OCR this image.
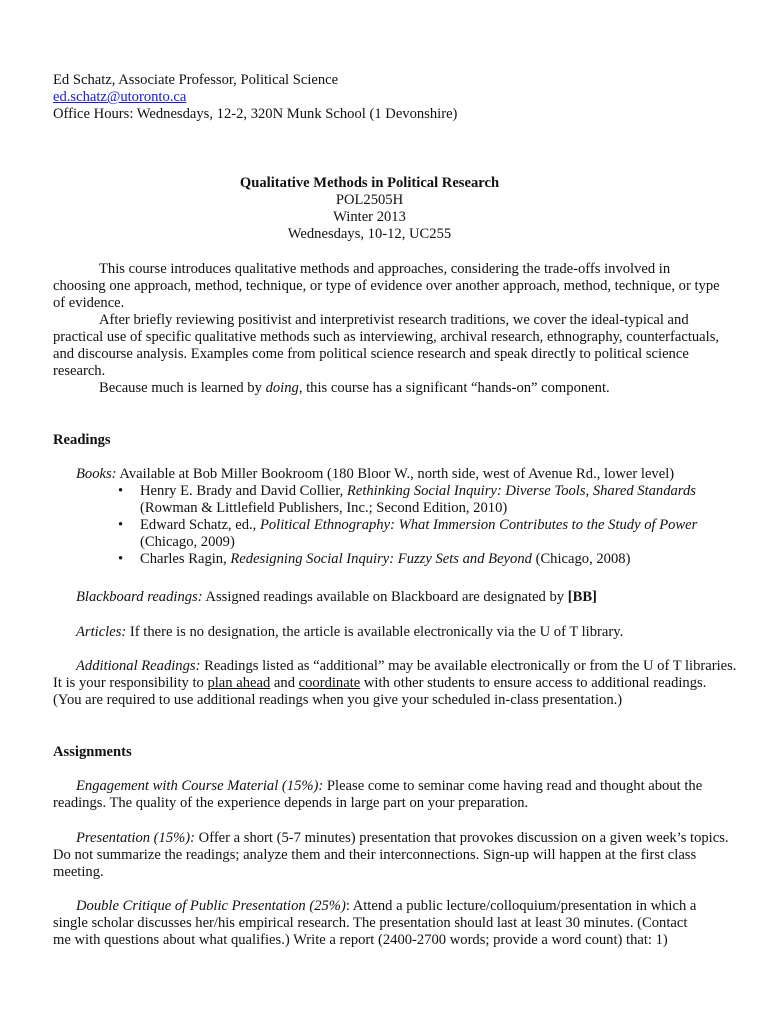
Ed Schatz, Associate Professor, Political Science
ed.schatz@utoronto.ca
Office Hours: Wednesdays, 12-2, 320N Munk School (1 Devonshire)
Qualitative Methods in Political Research
POL2505H
Winter 2013
Wednesdays, 10-12, UC255
This course introduces qualitative methods and approaches, considering the trade-offs involved in
choosing one approach, method, technique, or type of evidence over another approach, method, technique, or type
of evidence.
After briefly reviewing positivist and interpretivist research traditions, we cover the ideal-typical and
practical use of specific qualitative methods such as interviewing, archival research, ethnography, counterfactuals,
and discourse analysis. Examples come from political science research and speak directly to political science
research.
Because much is learned by doing, this course has a significant “hands-on” component.
Readings
Books: Available at Bob Miller Bookroom (180 Bloor W., north side, west of Avenue Rd., lower level)
• Henry E. Brady and David Collier, Rethinking Social Inquiry: Diverse Tools, Shared Standards
(Rowman & Littlefield Publishers, Inc.; Second Edition, 2010)
• Edward Schatz, ed., Political Ethnography: What Immersion Contributes to the Study of Power
(Chicago, 2009)
• Charles Ragin, Redesigning Social Inquiry: Fuzzy Sets and Beyond (Chicago, 2008)
Blackboard readings: Assigned readings available on Blackboard are designated by [BB]
Articles: If there is no designation, the article is available electronically via the U of T library.
Additional Readings: Readings listed as “additional” may be available electronically or from the U of T libraries.
It is your responsibility to plan ahead and coordinate with other students to ensure access to additional readings.
(You are required to use additional readings when you give your scheduled in-class presentation.)
Assignments
Engagement with Course Material (15%): Please come to seminar come having read and thought about the
readings. The quality of the experience depends in large part on your preparation.
Presentation (15%): Offer a short (5-7 minutes) presentation that provokes discussion on a given week’s topics.
Do not summarize the readings; analyze them and their interconnections. Sign-up will happen at the first class
meeting.
Double Critique of Public Presentation (25%): Attend a public lecture/colloquium/presentation in which a
single scholar discusses her/his empirical research. The presentation should last at least 30 minutes. (Contact
me with questions about what qualifies.) Write a report (2400-2700 words; provide a word count) that: 1)
